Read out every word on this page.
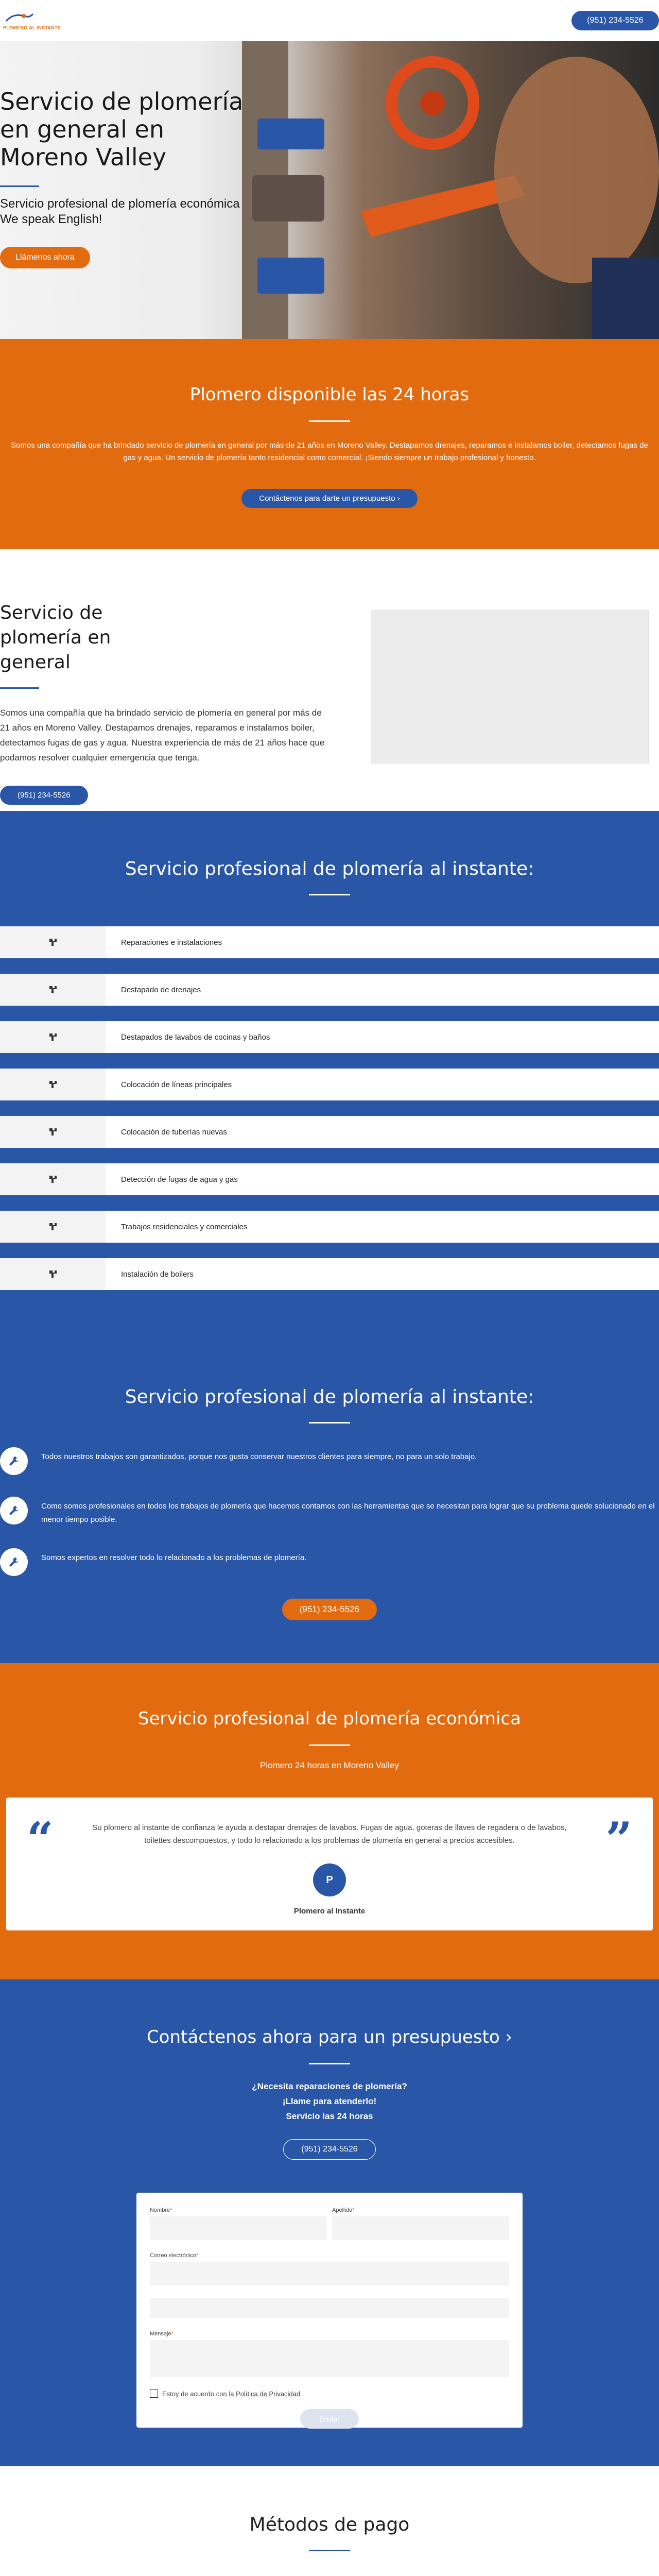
PLOMERO AL INSTANTE
(951) 234-5526
Servicio de plomería en general en Moreno Valley
Servicio profesional de plomería económica
We speak English!
Llámenos ahora
Plomero disponible las 24 horas

Somos una compañía que ha brindado servicio de plomería en general por más de 21 años en Moreno Valley. Destapamos drenajes, reparamos e instalamos boiler, detectamos fugas de gas y agua. Un servicio de plomería tanto residencial como comercial. ¡Siendo siempre un trabajo profesional y honesto.

Contáctenos para darte un presupuesto ›
Servicio de plomería en general

Somos una compañía que ha brindado servicio de plomería en general por más de 21 años en Moreno Valley. Destapamos drenajes, reparamos e instalamos boiler, detectamos fugas de gas y agua. Nuestra experiencia de más de 21 años hace que podamos resolver cualquier emergencia que tenga.

(951) 234-5526
Servicio profesional de plomería al instante:
Reparaciones e instalaciones
Destapado de drenajes
Destapados de lavabos de cocinas y baños
Colocación de líneas principales
Colocación de tuberías nuevas
Detección de fugas de agua y gas
Trabajos residenciales y comerciales
Instalación de boilers
Servicio profesional de plomería al instante:
Todos nuestros trabajos son garantizados, porque nos gusta conservar nuestros clientes para siempre, no para un solo trabajo.
Como somos profesionales en todos los trabajos de plomería que hacemos contamos con las herramientas que se necesitan para lograr que su problema quede solucionado en el menor tiempo posible.
Somos expertos en resolver todo lo relacionado a los problemas de plomería.
(951) 234-5526
Servicio profesional de plomería económica
Plomero 24 horas en Moreno Valley
“	”
Su plomero al instante de confianza le ayuda a destapar drenajes de lavabos. Fugas de agua, goteras de llaves de regadera o de lavabos, toilettes descompuestos, y todo lo relacionado a los problemas de plomería en general a precios accesibles.
P
Plomero al Instante
Contáctenos ahora para un presupuesto ›
¿Necesita reparaciones de plomería?
¡Llame para atenderlo!
Servicio las 24 horas
(951) 234-5526
Nombre*	Apellido*
Correo electrónico*
Mensaje*
Estoy de acuerdo con
la Política de Privacidad
Enviar
Métodos de pago
